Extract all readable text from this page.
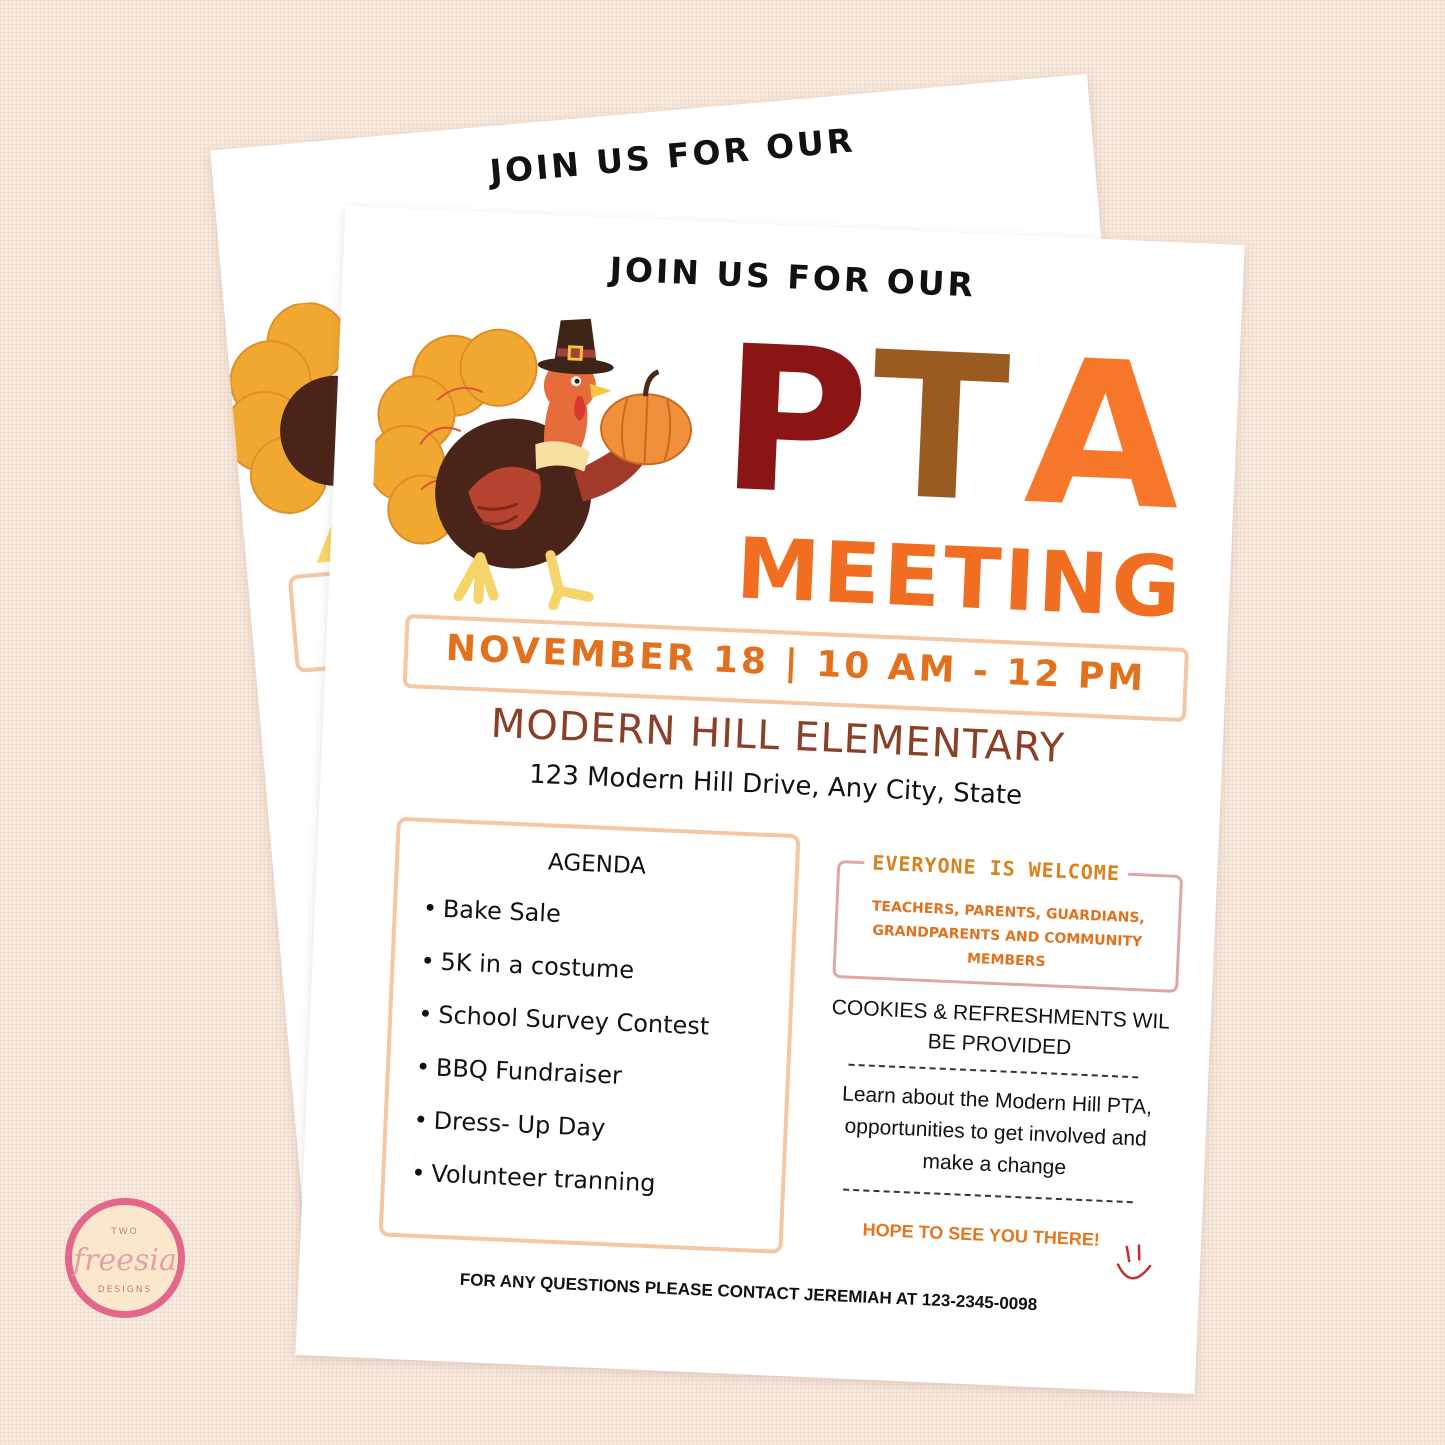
JOIN US FOR OUR
JOIN US FOR OUR
P
T A
MEETING
NOVEMBER 18 | 10 AM - 12 PM
MODERN HILL ELEMENTARY
123 Modern Hill Drive, Any City, State
AGENDA
• Bake Sale
• 5K in a costume
• School Survey Contest
• BBQ Fundraiser
• Dress- Up Day
• Volunteer tranning
EVERYONE IS WELCOME
TEACHERS, PARENTS, GUARDIANS, GRANDPARENTS AND COMMUNITY MEMBERS
COOKIES & REFRESHMENTS WIL BE PROVIDED
Learn about the Modern Hill PTA, opportunities to get involved and make a change
HOPE TO SEE YOU THERE!
FOR ANY QUESTIONS PLEASE CONTACT JEREMIAH AT 123-2345-0098
TWO
freesia
DESIGNS
